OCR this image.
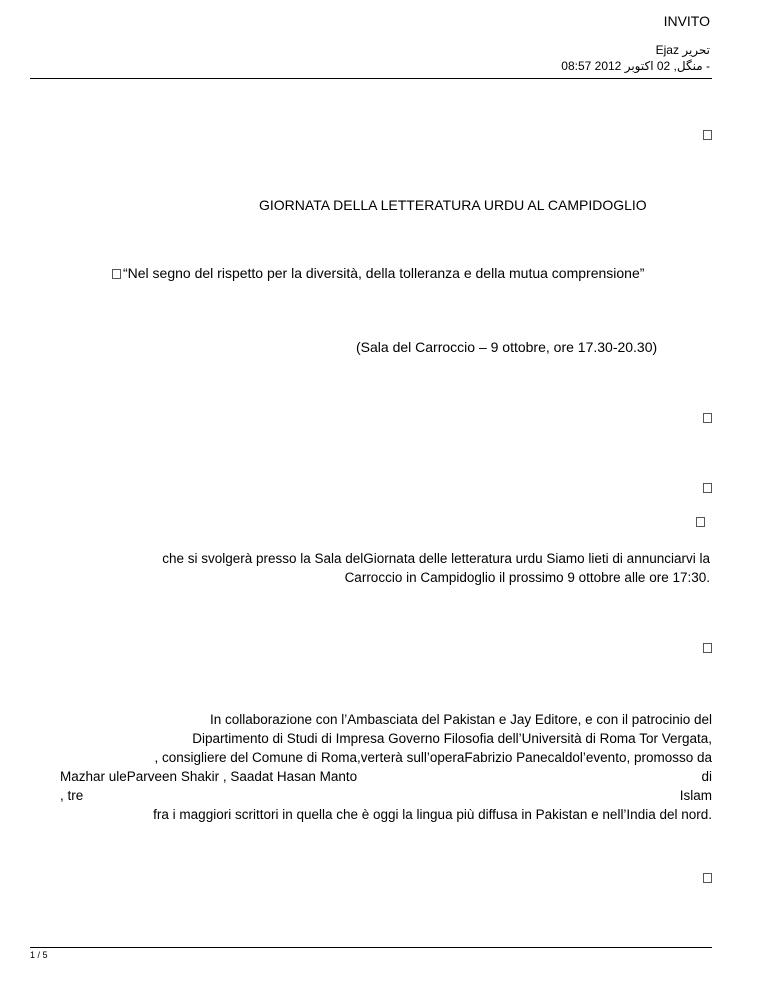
INVITO
Ejaz تحریر
منگل, 02 اکتوبر 2012 08:57 -
GIORNATA DELLA LETTERATURA URDU AL CAMPIDOGLIO
“Nel segno del rispetto per la diversità, della tolleranza e della mutua comprensione”
(Sala del Carroccio – 9 ottobre, ore 17.30-20.30)
che si svolgerà presso la Sala delGiornata delle letteratura urdu Siamo lieti di annunciarvi la
Carroccio in Campidoglio il prossimo 9 ottobre alle ore 17:30.
In collaborazione con l’Ambasciata del Pakistan e Jay Editore, e con il patrocinio del
Dipartimento di Studi di Impresa Governo Filosofia dell’Università di Roma Tor Vergata,
, consigliere del Comune di Roma,verterà sull’operaFabrizio Panecaldol’evento, promosso da
Mazhar uleParveen Shakir , Saadat Hasan Manto	di
, tre	Islam
fra i maggiori scrittori in quella che è oggi la lingua più diffusa in Pakistan e nell’India del nord.
1 / 5
